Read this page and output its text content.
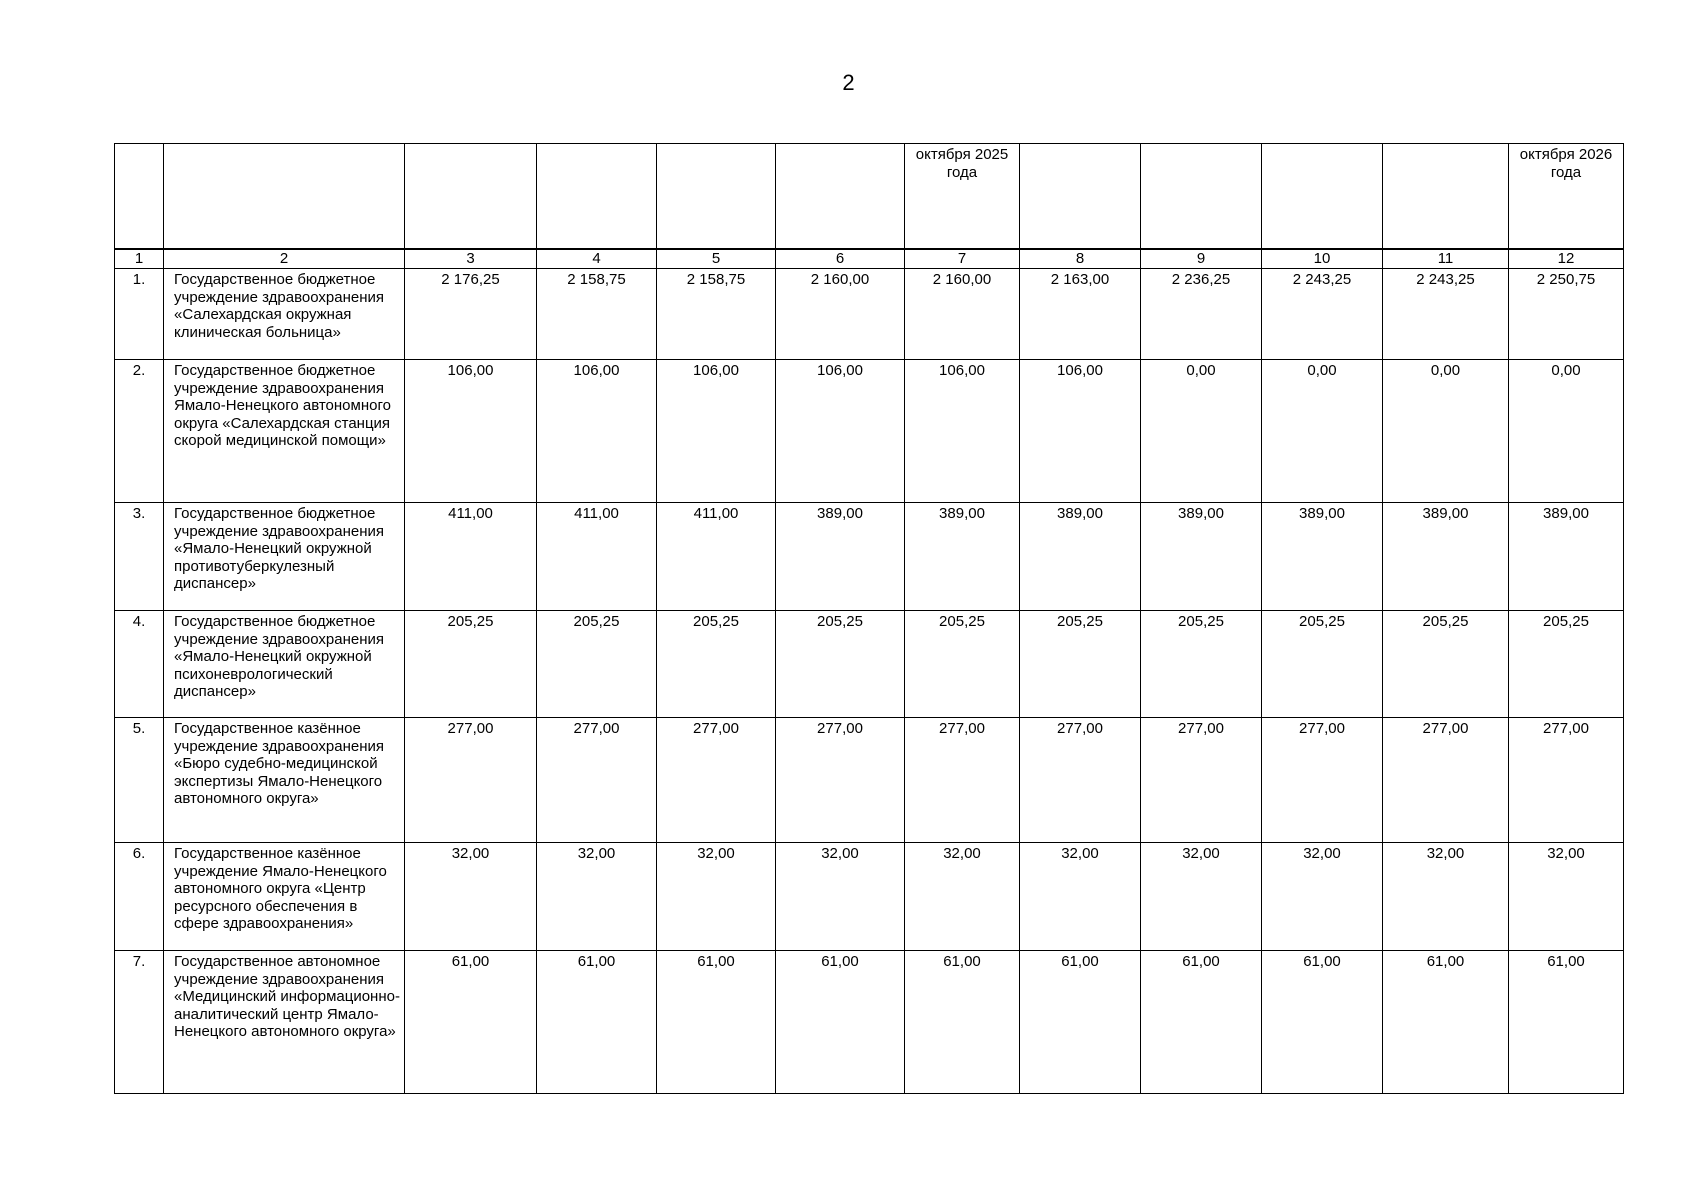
2
						октября 2025 года					октября 2026 года
1	2	3	4	5	6	7	8	9	10	11	12
1.	Государственное бюджетное учреждение здравоохранения «Салехардская окружная клиническая больница»	2 176,25	2 158,75	2 158,75	2 160,00	2 160,00	2 163,00	2 236,25	2 243,25	2 243,25	2 250,75
2.	Государственное бюджетное учреждение здравоохранения Ямало-Ненецкого автономного округа «Салехардская станция скорой медицинской помощи»	106,00	106,00	106,00	106,00	106,00	106,00	0,00	0,00	0,00	0,00
3.	Государственное бюджетное учреждение здравоохранения «Ямало-Ненецкий окружной противотуберкулезный диспансер»	411,00	411,00	411,00	389,00	389,00	389,00	389,00	389,00	389,00	389,00
4.	Государственное бюджетное учреждение здравоохранения «Ямало-Ненецкий окружной психоневрологический диспансер»	205,25	205,25	205,25	205,25	205,25	205,25	205,25	205,25	205,25	205,25
5.	Государственное казённое учреждение здравоохранения «Бюро судебно-медицинской экспертизы Ямало-Ненецкого автономного округа»	277,00	277,00	277,00	277,00	277,00	277,00	277,00	277,00	277,00	277,00
6.	Государственное казённое учреждение Ямало-Ненецкого автономного округа «Центр ресурсного обеспечения в сфере здравоохранения»	32,00	32,00	32,00	32,00	32,00	32,00	32,00	32,00	32,00	32,00
7.	Государственное автономное учреждение здравоохранения «Медицинский информационно-аналитический центр Ямало-Ненецкого автономного округа»	61,00	61,00	61,00	61,00	61,00	61,00	61,00	61,00	61,00	61,00
